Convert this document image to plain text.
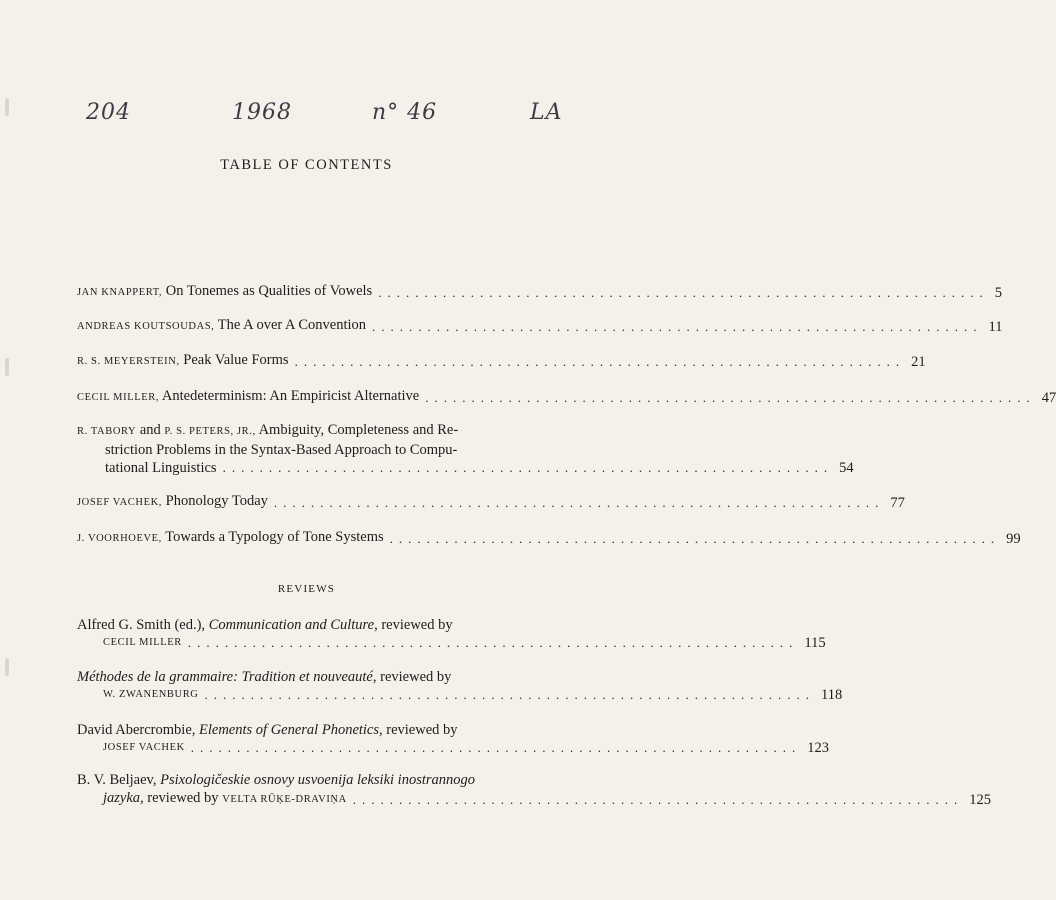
204	1968	n° 46	LA
TABLE OF CONTENTS
JAN KNAPPERT, On Tonemes as Qualities of Vowels .................................................................. 5
ANDREAS KOUTSOUDAS, The A over A Convention .................................................................. 11
R. S. MEYERSTEIN, Peak Value Forms .................................................................. 21
CECIL MILLER, Antedeterminism: An Empiricist Alternative .................................................................. 47
R. TABORY and P. S. PETERS, JR., Ambiguity, Completeness and Re-
striction Problems in the Syntax-Based Approach to Compu-
tational Linguistics .................................................................. 54
JOSEF VACHEK, Phonology Today .................................................................. 77
J. VOORHOEVE, Towards a Typology of Tone Systems .................................................................. 99
REVIEWS
Alfred G. Smith (ed.), Communication and Culture, reviewed by
CECIL MILLER .................................................................. 115
Méthodes de la grammaire: Tradition et nouveauté, reviewed by
W. ZWANENBURG .................................................................. 118
David Abercrombie, Elements of General Phonetics, reviewed by
JOSEF VACHEK .................................................................. 123
B. V. Beljaev, Psixologičeskie osnovy usvoenija leksiki inostrannogo
jazyka, reviewed by VELTA RŪĶE-DRAVIŅA .................................................................. 125
